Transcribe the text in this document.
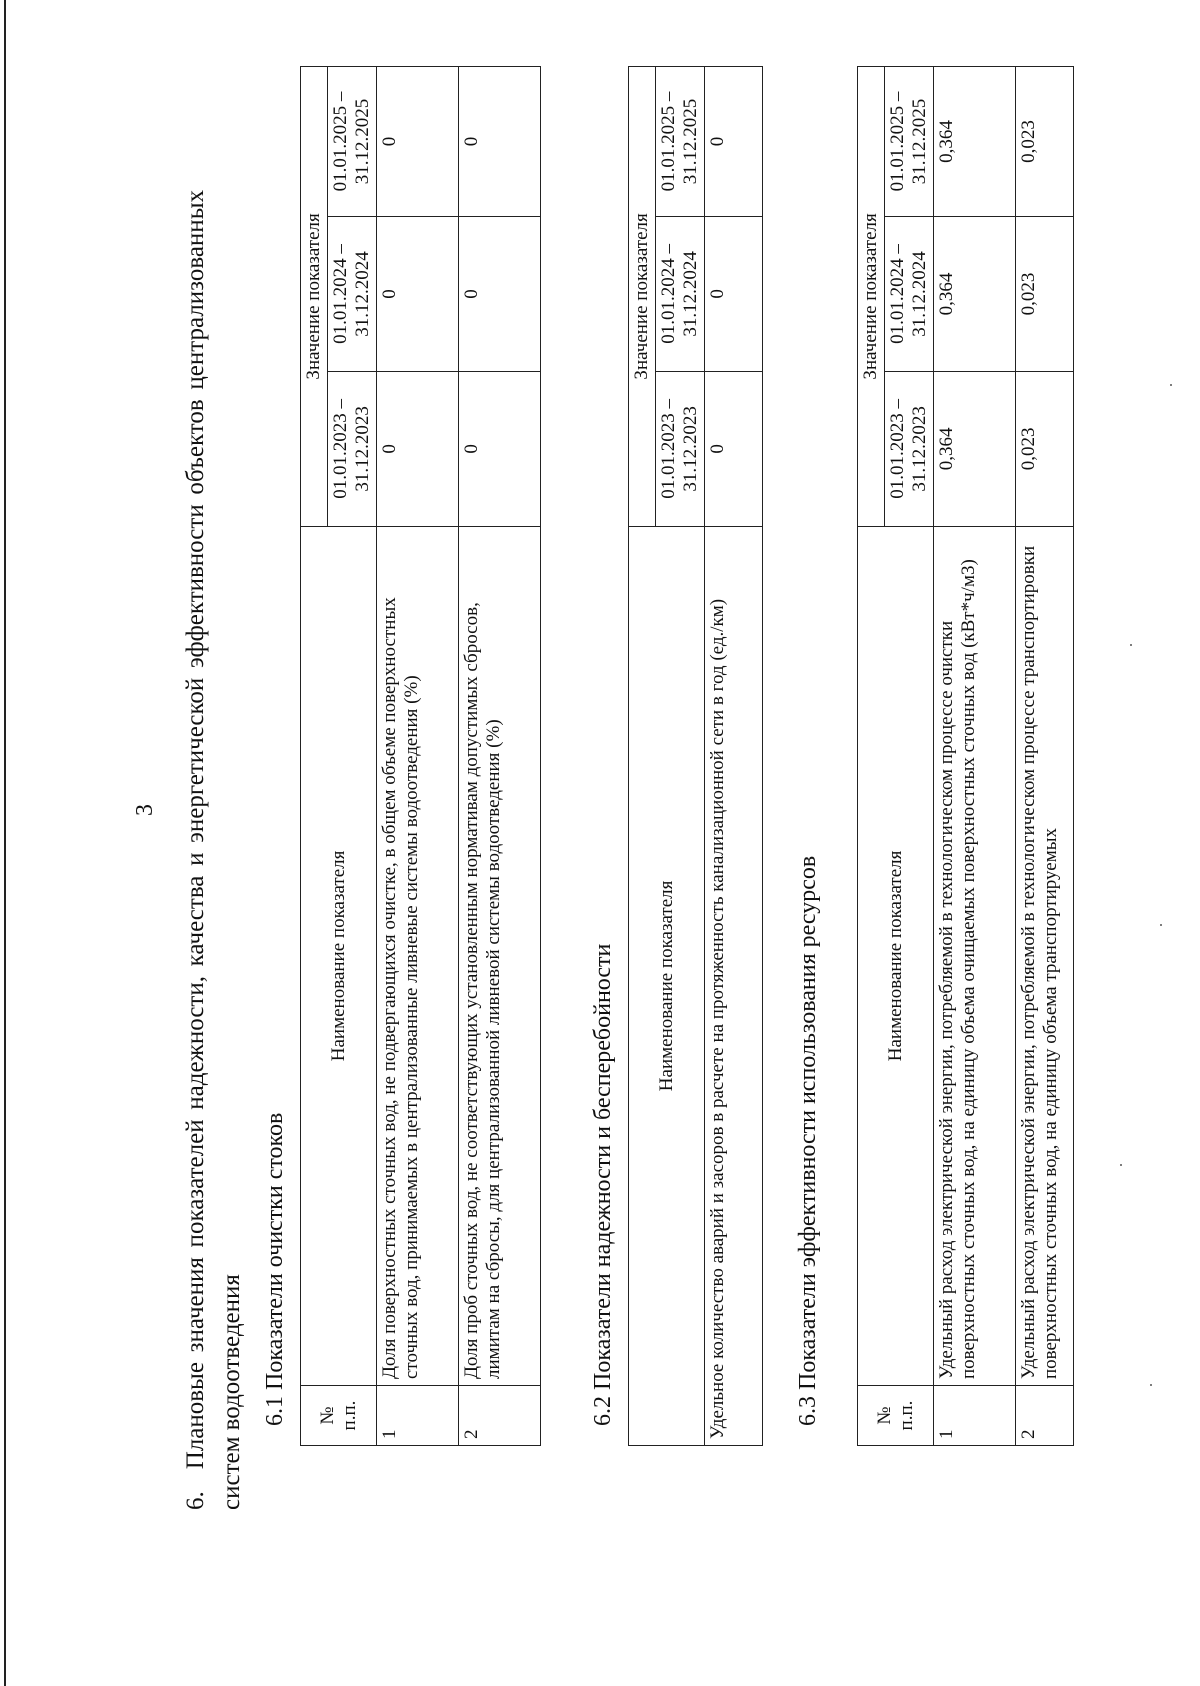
3
6.Плановые значения показателей надежности, качества и энергетической эффективности объектов централизованных систем водоотведения 6.1 Показатели очистки стоков № п.п.	Наименование показателя	Значение показателя		
		01.01.2023 – 31.12.2023	01.01.2024 – 31.12.2024	01.01.2025 – 31.12.2025
1	Доля поверхностных сточных вод, не подвергающихся очистке, в общем объеме поверхностных сточных вод, принимаемых в централизованные ливневые системы водоотведения (%)	0	0	0
2	Доля проб сточных вод, не соответствующих установленным нормативам допустимых сбросов, лимитам на сбросы, для централизованной ливневой системы водоотведения (%)	0	0	0
6.2 Показатели надежности и бесперебойности Наименование показателя	Значение показателя		
	01.01.2023 – 31.12.2023	01.01.2024 – 31.12.2024	01.01.2025 – 31.12.2025
Удельное количество аварий и засоров в расчете на протяженность канализационной сети в год (ед./км)	0	0	0
6.3 Показатели эффективности использования ресурсов	№ п.п.	Наименование показателя	Значение показателя		
		01.01.2023 – 31.12.2023	01.01.2024 – 31.12.2024	01.01.2025 – 31.12.2025
1	Удельный расход электрической энергии, потребляемой в технологическом процессе очистки поверхностных сточных вод, на единицу объема очищаемых поверхностных сточных вод (кВт*ч/м3)	0,364	0,364	0,364
2	Удельный расход электрической энергии, потребляемой в технологическом процессе транспортировки поверхностных сточных вод, на единицу объема транспортируемых	0,023	0,023	0,023
